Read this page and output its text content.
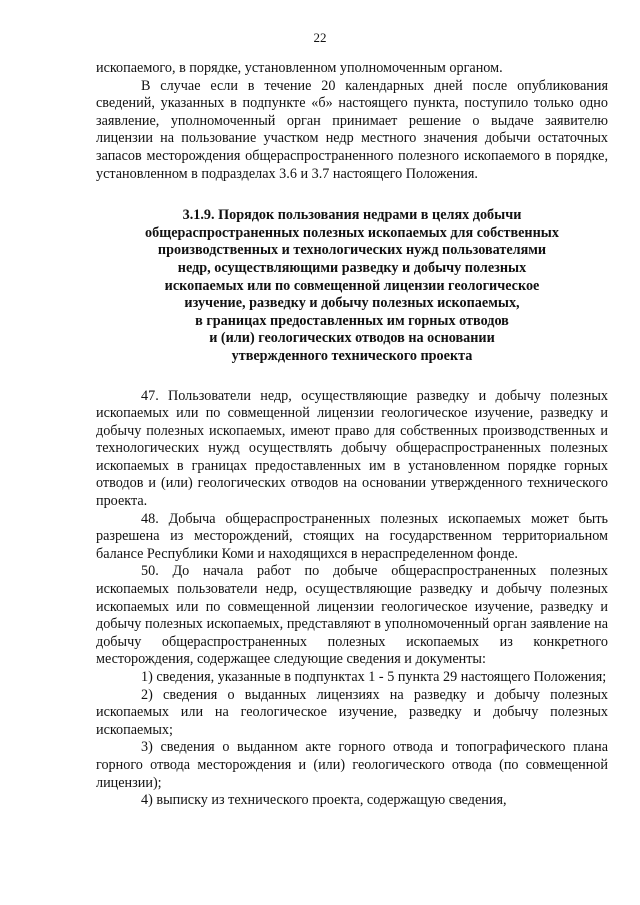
22

ископаемого, в порядке, установленном уполномоченным органом.

В случае если в течение 20 календарных дней после опубликования сведений, указанных в подпункте «б» настоящего пункта, поступило только одно заявление, уполномоченный орган принимает решение о выдаче заявителю лицензии на пользование участком недр местного значения добычи остаточных запасов месторождения общераспространенного полезного ископаемого в порядке, установленном в подразделах 3.6 и 3.7 настоящего Положения.

3.1.9. Порядок пользования недрами в целях добычи
общераспространенных полезных ископаемых для собственных
производственных и технологических нужд пользователями
недр, осуществляющими разведку и добычу полезных
ископаемых или по совмещенной лицензии геологическое
изучение, разведку и добычу полезных ископаемых,
в границах предоставленных им горных отводов
и (или) геологических отводов на основании
утвержденного технического проекта

47. Пользователи недр, осуществляющие разведку и добычу полезных ископаемых или по совмещенной лицензии геологическое изучение, разведку и добычу полезных ископаемых, имеют право для собственных производственных и технологических нужд осуществлять добычу общераспространенных полезных ископаемых в границах предоставленных им в установленном порядке горных отводов и (или) геологических отводов на основании утвержденного технического проекта.

48. Добыча общераспространенных полезных ископаемых может быть разрешена из месторождений, стоящих на государственном территориальном балансе Республики Коми и находящихся в нераспределенном фонде.

50. До начала работ по добыче общераспространенных полезных ископаемых пользователи недр, осуществляющие разведку и добычу полезных ископаемых или по совмещенной лицензии геологическое изучение, разведку и добычу полезных ископаемых, представляют в уполномоченный орган заявление на добычу общераспространенных полезных ископаемых из конкретного месторождения, содержащее следующие сведения и документы:

1) сведения, указанные в подпунктах 1 - 5 пункта 29 настоящего Положения;

2) сведения о выданных лицензиях на разведку и добычу полезных ископаемых или на геологическое изучение, разведку и добычу полезных ископаемых;

3) сведения о выданном акте горного отвода и топографического плана горного отвода месторождения и (или) геологического отвода (по совмещенной лицензии);

4) выписку из технического проекта, содержащую сведения,
